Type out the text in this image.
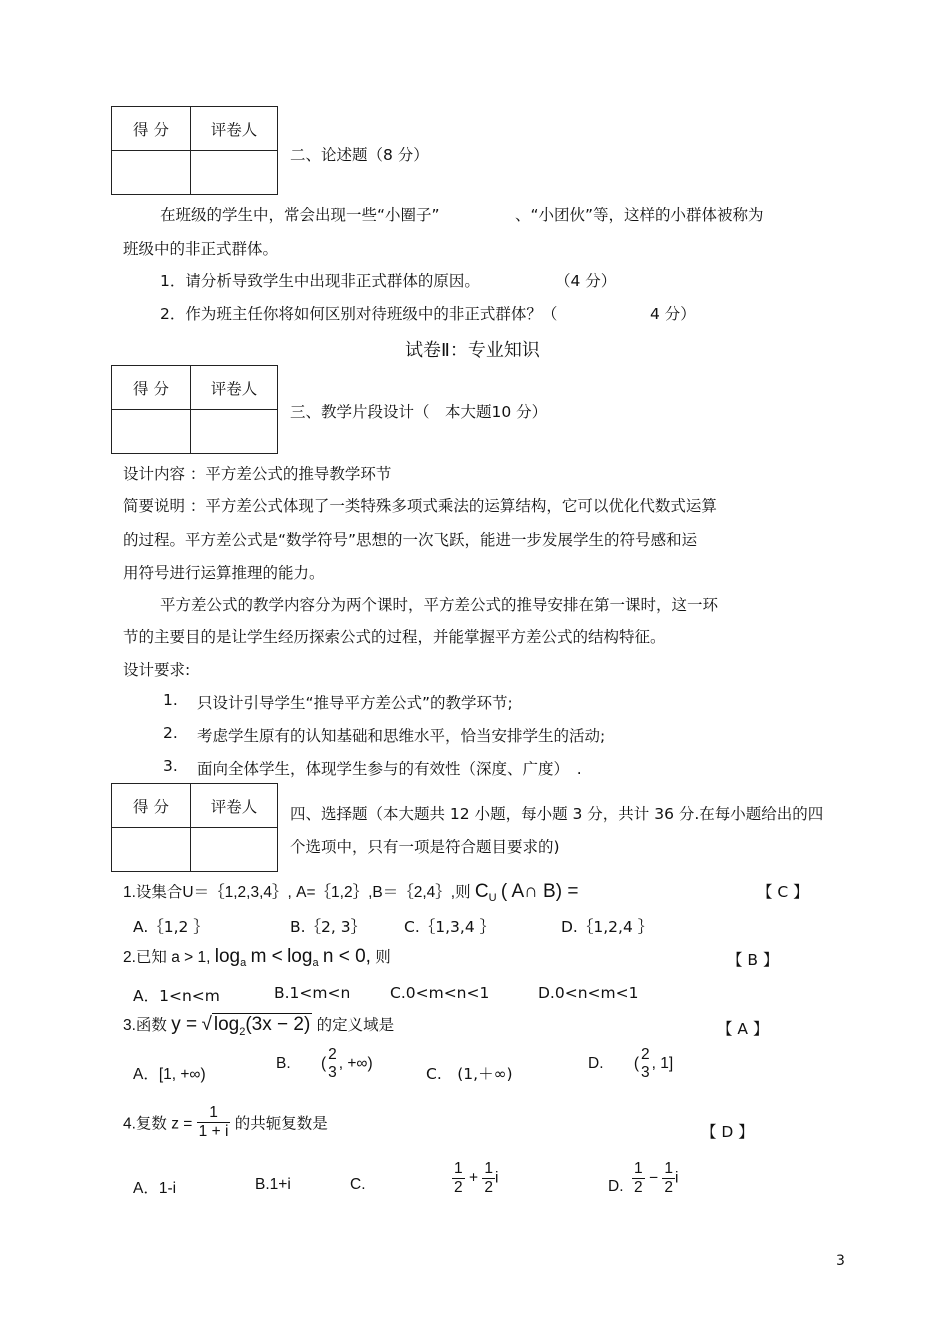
得 分	评卷人

二、论述题（8 分）
在班级的学生中，常会出现一些“小圈子”	、“小团伙”等，这样的小群体被称为
班级中的非正式群体。
1．请分析导致学生中出现非正式群体的原因。	（4 分）
2．作为班主任你将如何区别对待班级中的非正式群体？（	4 分）
试卷Ⅱ：专业知识
得 分	评卷人

三、教学片段设计（　本大题10 分）
设计内容 ：平方差公式的推导教学环节
简要说明 ：平方差公式体现了一类特殊多项式乘法的运算结构，它可以优化代数式运算
的过程。平方差公式是“数学符号”思想的一次飞跃，能进一步发展学生的符号感和运
用符号进行运算推理的能力。
平方差公式的教学内容分为两个课时，平方差公式的推导安排在第一课时，这一环
节的主要目的是让学生经历探索公式的过程，并能掌握平方差公式的结构特征。
设计要求:
1. 只设计引导学生“推导平方差公式”的教学环节;
2. 考虑学生原有的认知基础和思维水平，恰当安排学生的活动;
3. 面向全体学生，体现学生参与的有效性（深度、广度）　.
得 分	评卷人
	四、选择题（本大题共 12 小题，每小题 3 分，共计 36 分.在每小题给出的四
个选项中，只有一项是符合题目要求的)
1.设集合U＝｛1,2,3,4｝, A=｛1,2｝,B＝｛2,4｝,则 $C_U$ ( A∩ B) =	【 C 】
A.｛1,2 ｝	B.｛2, 3｝ C.｛1,3,4 ｝	D.｛1,2,4 ｝
2.已知 a > 1, $\log_a m < \log_a n < 0$, 则	【 B 】
A．1<n<m	B.1<m<n	C.0<m<n<1	D.0<n<m<1
3.函数 y = √ $\log_2(3x - 2)$ 的定义域是	【 A 】
A．[1, +∞)
B. (
2
3
, +∞)
C.　(1,＋∞)
D. (
2
3
, 1]
4.复数 $z = \frac{1}{1 + i}$ 的共轭复数是	【 D 】
A．1-i	B.1+i	C.	$\frac{1}{2} + \frac{1}{2}$ i
D. $\frac{1}{2} - \frac{1}{2}$ i
3
